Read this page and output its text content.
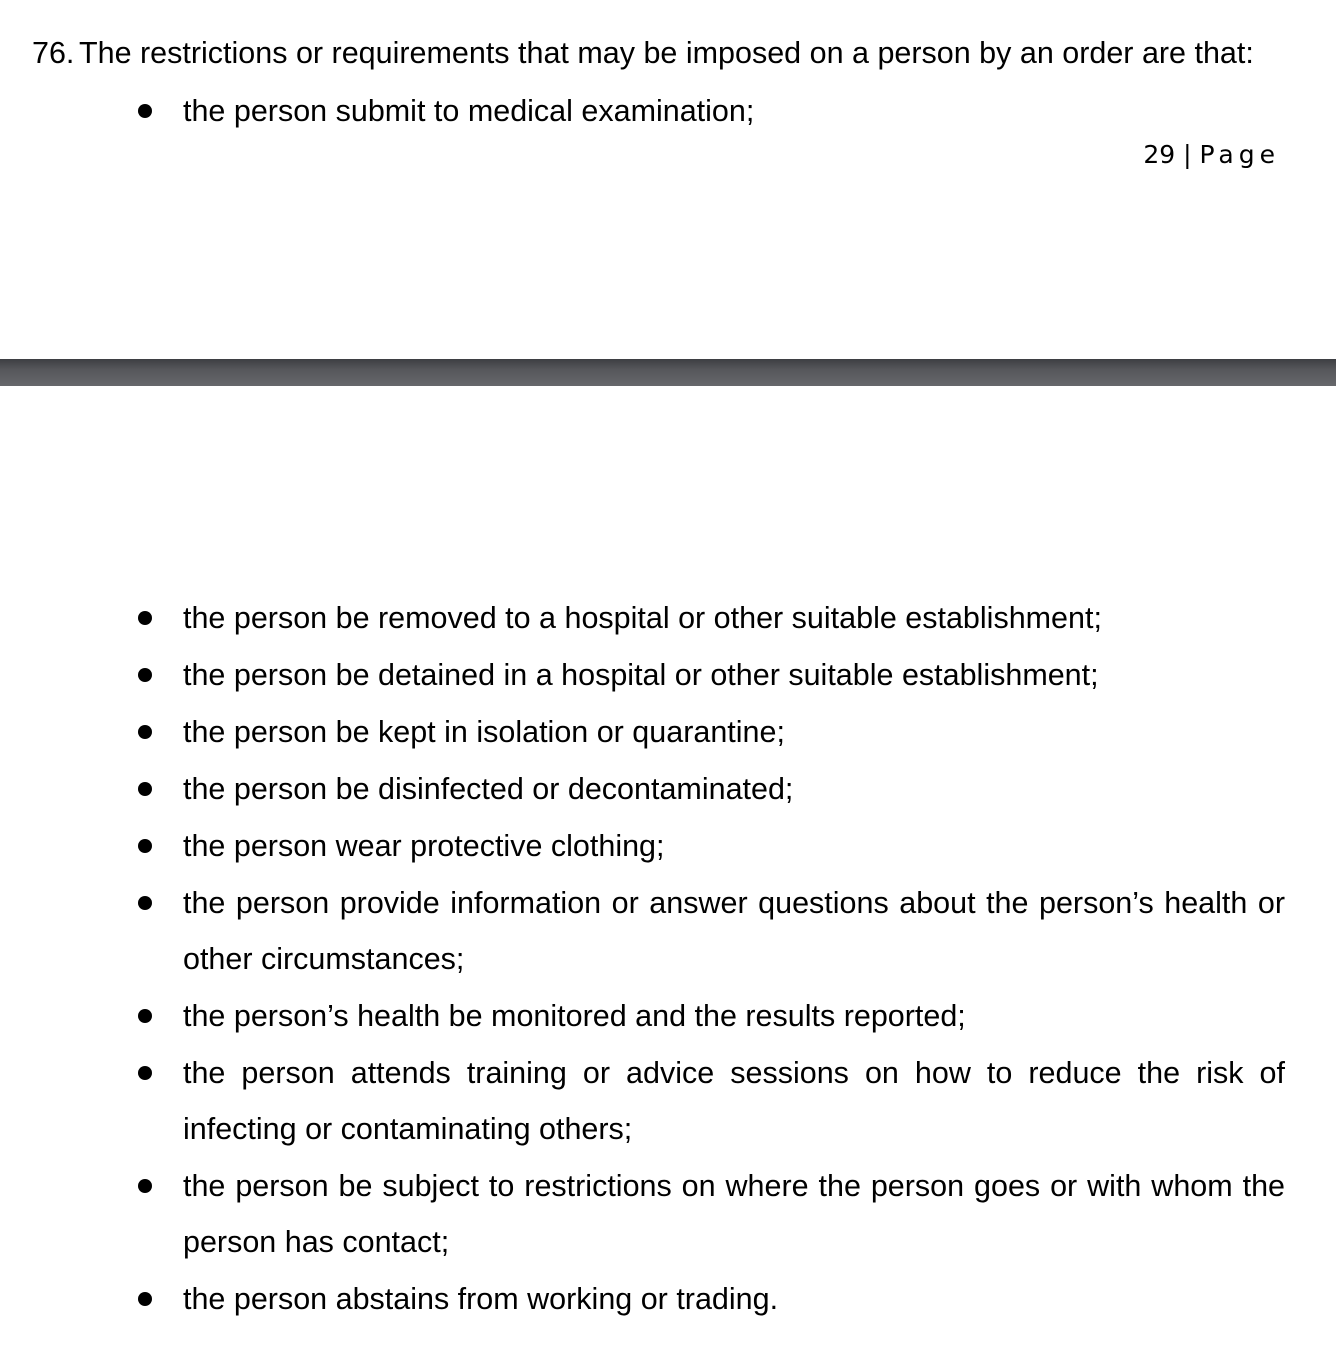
76. The restrictions or requirements that may be imposed on a person by an order are that:
the person submit to medical examination;
29 | Page
the person be removed to a hospital or other suitable establishment;
the person be detained in a hospital or other suitable establishment;
the person be kept in isolation or quarantine;
the person be disinfected or decontaminated;
the person wear protective clothing;
the person provide information or answer questions about the person’s health or other circumstances;
the person’s health be monitored and the results reported;
the person attends training or advice sessions on how to reduce the risk of infecting or contaminating others;
the person be subject to restrictions on where the person goes or with whom the person has contact;
the person abstains from working or trading.
